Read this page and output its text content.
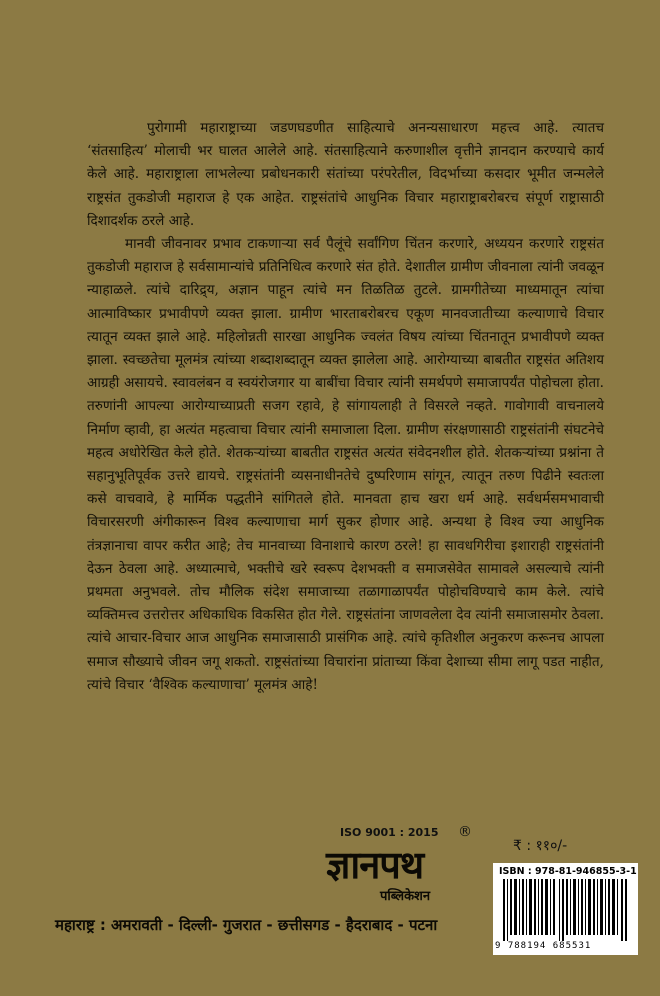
पुरोगामी महाराष्ट्राच्या जडणघडणीत साहित्याचे अनन्यसाधारण महत्त्व आहे. त्यातच ‘संतसाहित्य’ मोलाची भर घालत आलेले आहे. संतसाहित्याने करुणाशील वृत्तीने ज्ञानदान करण्याचे कार्य केले आहे. महाराष्ट्राला लाभलेल्या प्रबोधनकारी संतांच्या परंपरेतील, विदर्भाच्या कसदार भूमीत जन्मलेले राष्ट्रसंत तुकडोजी महाराज हे एक आहेत. राष्ट्रसंतांचे आधुनिक विचार महाराष्ट्राबरोबरच संपूर्ण राष्ट्रासाठी दिशादर्शक ठरले आहे.

मानवी जीवनावर प्रभाव टाकणाऱ्या सर्व पैलूंचे सर्वांगिण चिंतन करणारे, अध्ययन करणारे राष्ट्रसंत तुकडोजी महाराज हे सर्वसामान्यांचे प्रतिनिधित्व करणारे संत होते. देशातील ग्रामीण जीवनाला त्यांनी जवळून न्याहाळले. त्यांचे दारिद्र्य, अज्ञान पाहून त्यांचे मन तिळतिळ तुटले. ग्रामगीतेच्या माध्यमातून त्यांचा आत्माविष्कार प्रभावीपणे व्यक्त झाला. ग्रामीण भारताबरोबरच एकूण मानवजातीच्या कल्याणाचे विचार त्यातून व्यक्त झाले आहे. महिलोन्नती सारखा आधुनिक ज्वलंत विषय त्यांच्या चिंतनातून प्रभावीपणे व्यक्त झाला. स्वच्छतेचा मूलमंत्र त्यांच्या शब्दाशब्दातून व्यक्त झालेला आहे. आरोग्याच्या बाबतीत राष्ट्रसंत अतिशय आग्रही असायचे. स्वावलंबन व स्वयंरोजगार या बाबींचा विचार त्यांनी समर्थपणे समाजापर्यंत पोहोचला होता. तरुणांनी आपल्या आरोग्याच्याप्रती सजग रहावे, हे सांगायलाही ते विसरले नव्हते. गावोगावी वाचनालये निर्माण व्हावी, हा अत्यंत महत्वाचा विचार त्यांनी समाजाला दिला. ग्रामीण संरक्षणासाठी राष्ट्रसंतांनी संघटनेचे महत्व अधोरेखित केले होते. शेतकऱ्यांच्या बाबतीत राष्ट्रसंत अत्यंत संवेदनशील होते. शेतकऱ्यांच्या प्रश्नांना ते सहानुभूतिपूर्वक उत्तरे द्यायचे. राष्ट्रसंतांनी व्यसनाधीनतेचे दुष्परिणाम सांगून, त्यातून तरुण पिढीने स्वतःला कसे वाचवावे, हे मार्मिक पद्धतीने सांगितले होते. मानवता हाच खरा धर्म आहे. सर्वधर्मसमभावाची विचारसरणी अंगीकारून विश्व कल्याणाचा मार्ग सुकर होणार आहे. अन्यथा हे विश्व ज्या आधुनिक तंत्रज्ञानाचा वापर करीत आहे; तेच मानवाच्या विनाशाचे कारण ठरले! हा सावधगिरीचा इशाराही राष्ट्रसंतांनी देऊन ठेवला आहे. अध्यात्माचे, भक्तीचे खरे स्वरूप देशभक्ती व समाजसेवेत सामावले असल्याचे त्यांनी प्रथमता अनुभवले. तोच मौलिक संदेश समाजाच्या तळागाळापर्यंत पोहोचविण्याचे काम केले. त्यांचे व्यक्तिमत्त्व उत्तरोत्तर अधिकाधिक विकसित होत गेले. राष्ट्रसंतांना जाणवलेला देव त्यांनी समाजासमोर ठेवला. त्यांचे आचार-विचार आज आधुनिक समाजासाठी प्रासंगिक आहे. त्यांचे कृतिशील अनुकरण करूनच आपला समाज सौख्याचे जीवन जगू शकतो. राष्ट्रसंतांच्या विचारांना प्रांताच्या किंवा देशाच्या सीमा लागू पडत नाहीत, त्यांचे विचार ‘वैश्विक कल्याणाचा’ मूलमंत्र आहे!

ISO 9001 : 2015 ®
ज्ञानपथ
पब्लिकेशन
₹ : ११०/-
ISBN : 978-81-946855-3-1
9 788194 685531
महाराष्ट्र : अमरावती - दिल्ली- गुजरात - छत्तीसगड - हैदराबाद - पटना
